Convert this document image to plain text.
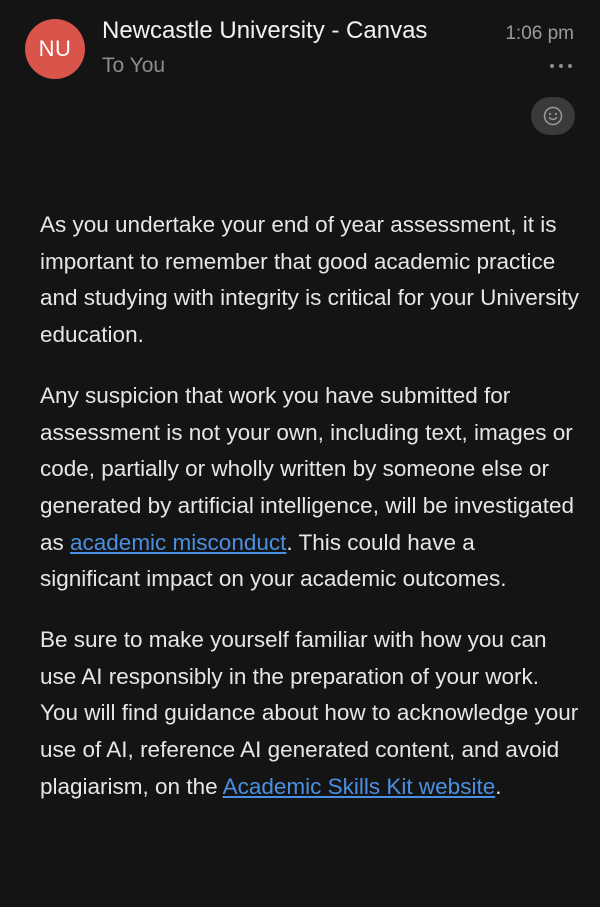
NU
Newcastle University - Canvas
To You
1:06 pm

As you undertake your end of year assessment, it is important to remember that good academic practice and studying with integrity is critical for your University education.

Any suspicion that work you have submitted for assessment is not your own, including text, images or code, partially or wholly written by someone else or generated by artificial intelligence, will be investigated as academic misconduct. This could have a significant impact on your academic outcomes.

Be sure to make yourself familiar with how you can use AI responsibly in the preparation of your work. You will find guidance about how to acknowledge your use of AI, reference AI generated content, and avoid plagiarism, on the Academic Skills Kit website.
